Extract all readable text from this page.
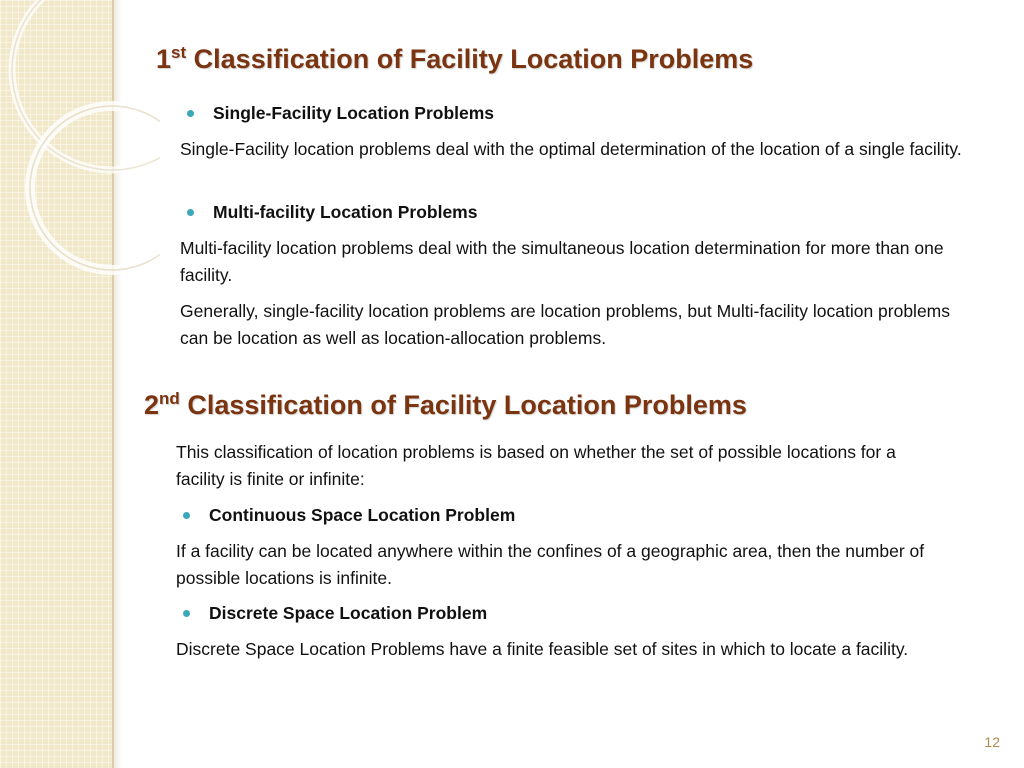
1st Classification of Facility Location Problems
Single-Facility Location Problems

Single-Facility location problems deal with the optimal determination of the location of a single facility.

Multi-facility Location Problems

Multi-facility location problems deal with the simultaneous location determination for more than one facility.

Generally, single-facility location problems are location problems, but Multi-facility location problems can be location as well as location-allocation problems.

2nd Classification of Facility Location Problems

This classification of location problems is based on whether the set of possible locations for a facility is finite or infinite:

Continuous Space Location Problem

If a facility can be located anywhere within the confines of a geographic area, then the number of possible locations is infinite.

Discrete Space Location Problem

Discrete Space Location Problems have a finite feasible set of sites in which to locate a facility.

12
